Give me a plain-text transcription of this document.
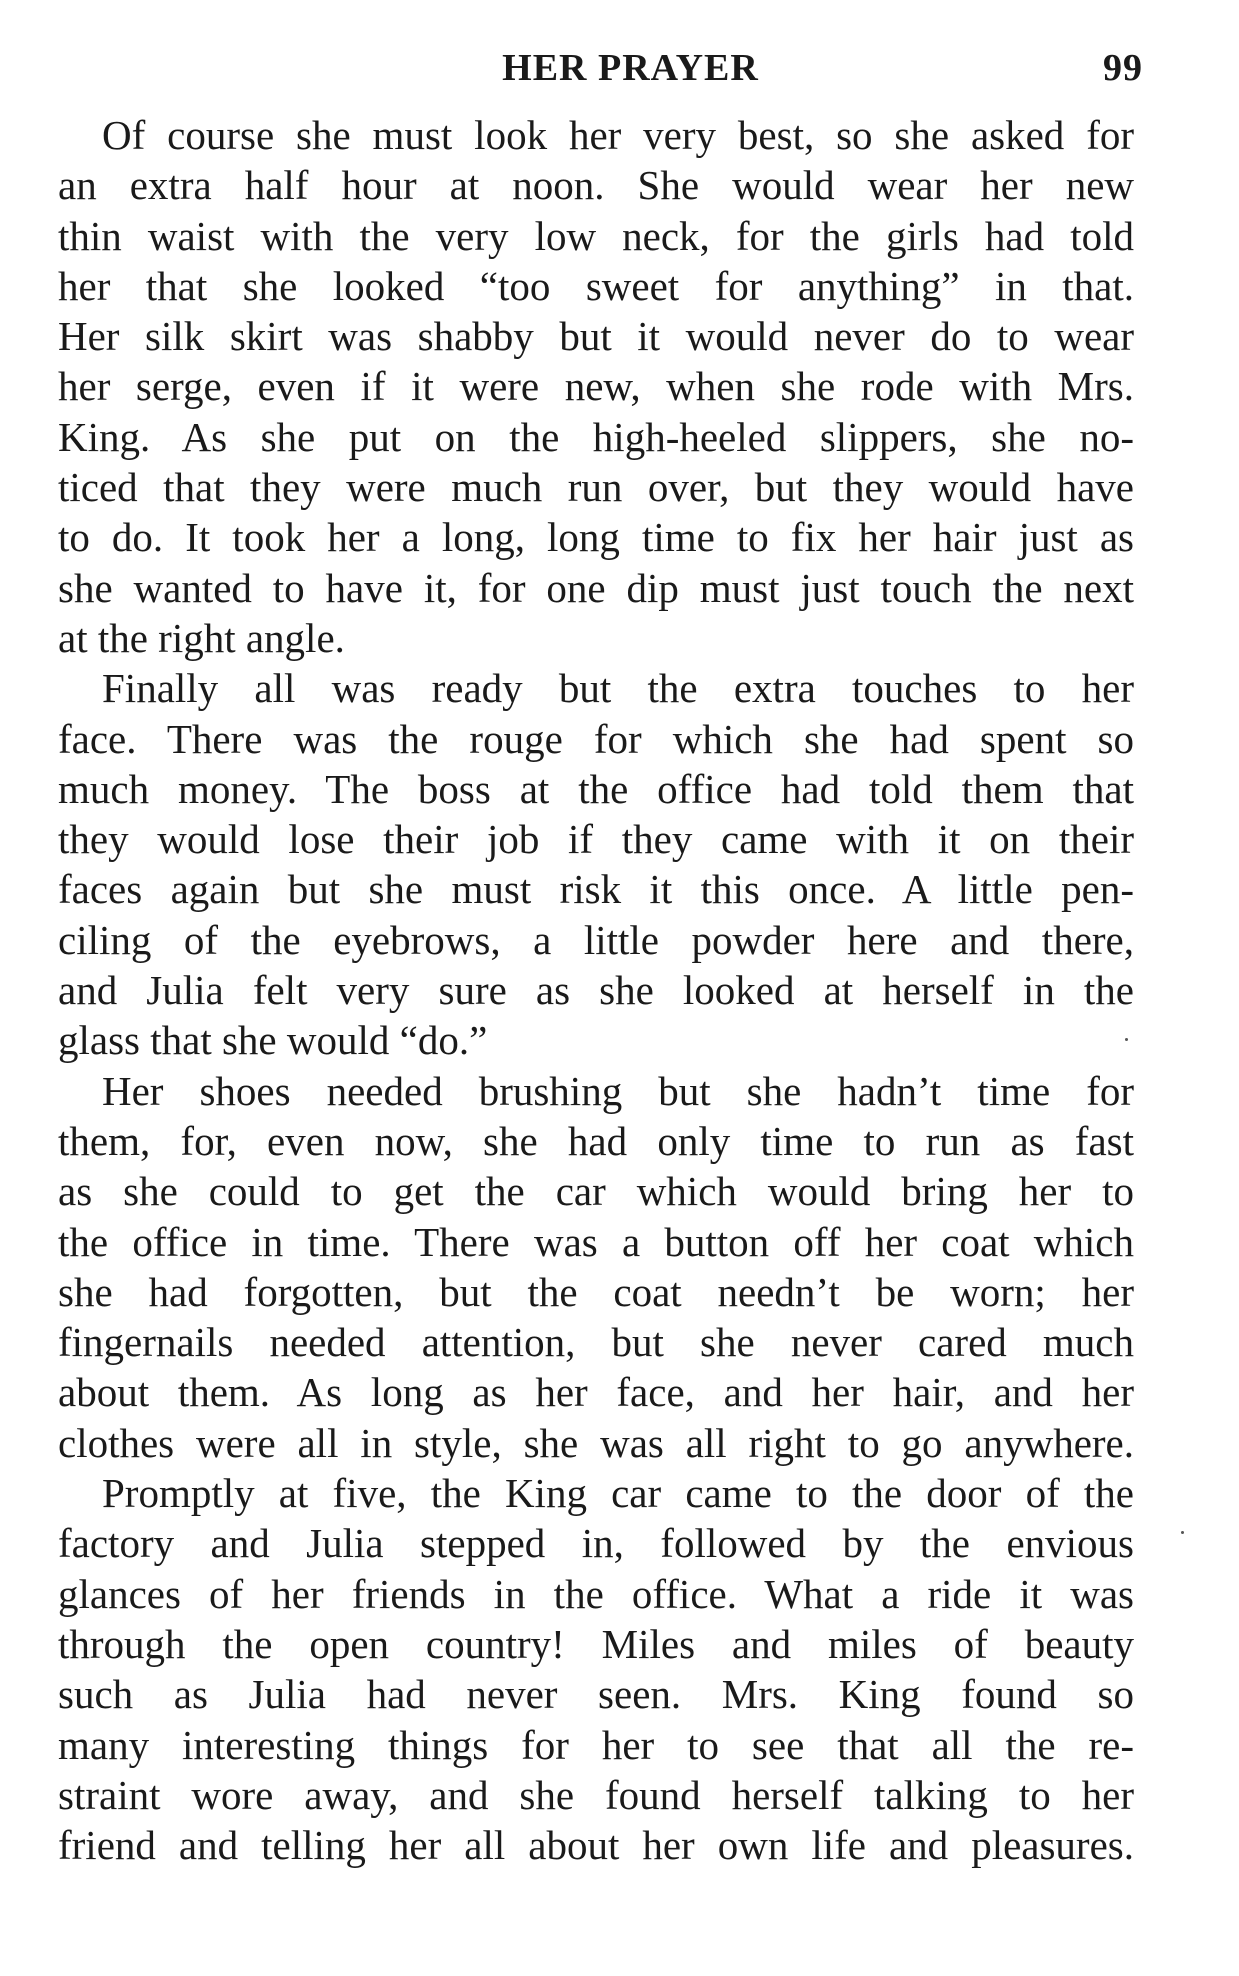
HER PRAYER	99
Of course she must look her very best, so she asked for
an extra half hour at noon. She would wear her new
thin waist with the very low neck, for the girls had told
her that she looked “too sweet for anything” in that.
Her silk skirt was shabby but it would never do to wear
her serge, even if it were new, when she rode with Mrs.
King. As she put on the high-heeled slippers, she no-
ticed that they were much run over, but they would have
to do. It took her a long, long time to fix her hair just as
she wanted to have it, for one dip must just touch the next
at the right angle.
Finally all was ready but the extra touches to her
face. There was the rouge for which she had spent so
much money. The boss at the office had told them that
they would lose their job if they came with it on their
faces again but she must risk it this once. A little pen-
ciling of the eyebrows, a little powder here and there,
and Julia felt very sure as she looked at herself in the
glass that she would “do.”
Her shoes needed brushing but she hadn’t time for
them, for, even now, she had only time to run as fast
as she could to get the car which would bring her to
the office in time. There was a button off her coat which
she had forgotten, but the coat needn’t be worn; her
fingernails needed attention, but she never cared much
about them. As long as her face, and her hair, and her
clothes were all in style, she was all right to go anywhere.
Promptly at five, the King car came to the door of the
factory and Julia stepped in, followed by the envious
glances of her friends in the office. What a ride it was
through the open country! Miles and miles of beauty
such as Julia had never seen. Mrs. King found so
many interesting things for her to see that all the re-
straint wore away, and she found herself talking to her
friend and telling her all about her own life and pleasures.
